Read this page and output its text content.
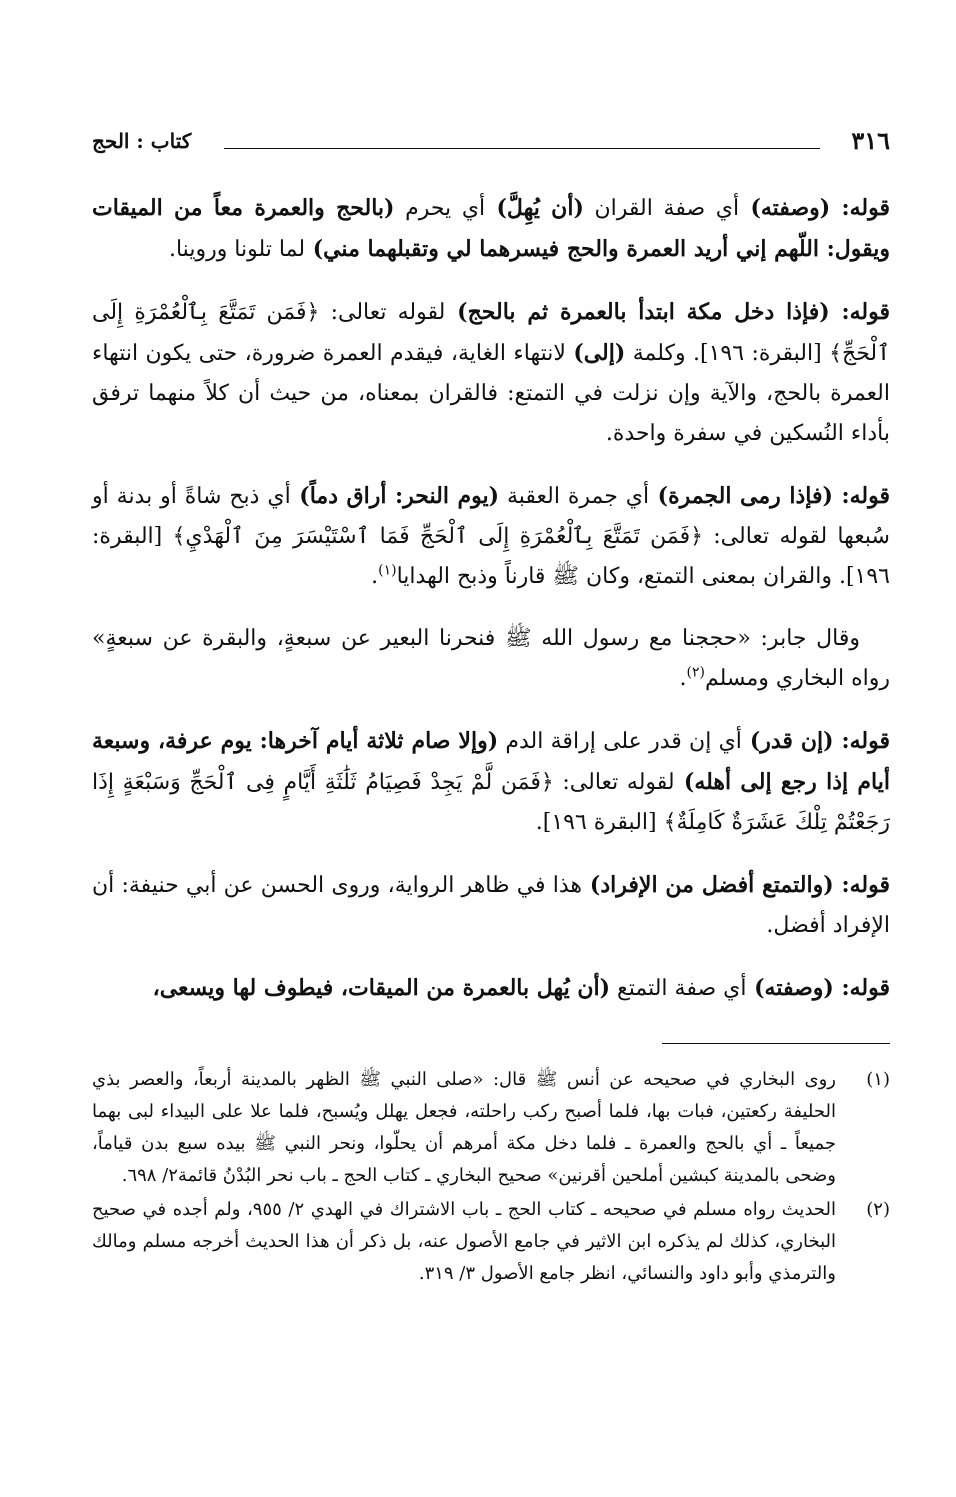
٣١٦
كتاب : الحج

قوله: (وصفته) أي صفة القران (أن يُهِلَّ) أي يحرم (بالحج والعمرة معاً من الميقات ويقول: اللّهم إني أريد العمرة والحج فيسرهما لي وتقبلهما مني) لما تلونا وروينا.

قوله: (فإذا دخل مكة ابتدأ بالعمرة ثم بالحج) لقوله تعالى: ﴿فَمَن تَمَتَّعَ بِٱلْعُمْرَةِ إِلَى ٱلْحَجِّ﴾ [البقرة: ١٩٦]. وكلمة (إلى) لانتهاء الغاية، فيقدم العمرة ضرورة، حتى يكون انتهاء العمرة بالحج، والآية وإن نزلت في التمتع: فالقران بمعناه، من حيث أن كلاً منهما ترفق بأداء النُسكين في سفرة واحدة.

قوله: (فإذا رمى الجمرة) أي جمرة العقبة (يوم النحر: أراق دماً) أي ذبح شاةً أو بدنة أو سُبعها لقوله تعالى: ﴿فَمَن تَمَتَّعَ بِٱلْعُمْرَةِ إِلَى ٱلْحَجِّ فَمَا ٱسْتَيْسَرَ مِنَ ٱلْهَدْيِ﴾ [البقرة: ١٩٦]. والقران بمعنى التمتع، وكان ﷺ قارناً وذبح الهدايا$^{(١)}$.

وقال جابر: «حججنا مع رسول الله ﷺ فنحرنا البعير عن سبعةٍ، والبقرة عن سبعةٍ» رواه البخاري ومسلم$^{(٢)}$.

قوله: (إن قدر) أي إن قدر على إراقة الدم (وإلا صام ثلاثة أيام آخرها: يوم عرفة، وسبعة أيام إذا رجع إلى أهله) لقوله تعالى: ﴿فَمَن لَّمْ يَجِدْ فَصِيَامُ ثَلَٰثَةِ أَيَّامٍ فِى ٱلْحَجِّ وَسَبْعَةٍ إِذَا رَجَعْتُمْ تِلْكَ عَشَرَةٌ كَامِلَةٌ﴾ [البقرة ١٩٦].

قوله: (والتمتع أفضل من الإفراد) هذا في ظاهر الرواية، وروى الحسن عن أبي حنيفة: أن الإفراد أفضل.

قوله: (وصفته) أي صفة التمتع (أن يُهل بالعمرة من الميقات، فيطوف لها ويسعى،

(١)
روى البخاري في صحيحه عن أنس ﷺ قال: «صلى النبي ﷺ الظهر بالمدينة أربعاً، والعصر بذي الحليفة ركعتين، فبات بها، فلما أصبح ركب راحلته، فجعل يهلل ويُسبح، فلما علا على البيداء لبى بهما جميعاً ـ أي بالحج والعمرة ـ فلما دخل مكة أمرهم أن يحلّوا، ونحر النبي ﷺ بيده سبع بدن قياماً، وضحى بالمدينة كبشين أملحين أقرنين» صحيح البخاري ـ كتاب الحج ـ باب نحر البُدْنُ قائمة٢/ ٦٩٨.
(٢)
الحديث رواه مسلم في صحيحه ـ كتاب الحج ـ باب الاشتراك في الهدي ٢/ ٩٥٥، ولم أجده في صحيح البخاري، كذلك لم يذكره ابن الاثير في جامع الأصول عنه، بل ذكر أن هذا الحديث أخرجه مسلم ومالك والترمذي وأبو داود والنسائي، انظر جامع الأصول ٣/ ٣١٩.
